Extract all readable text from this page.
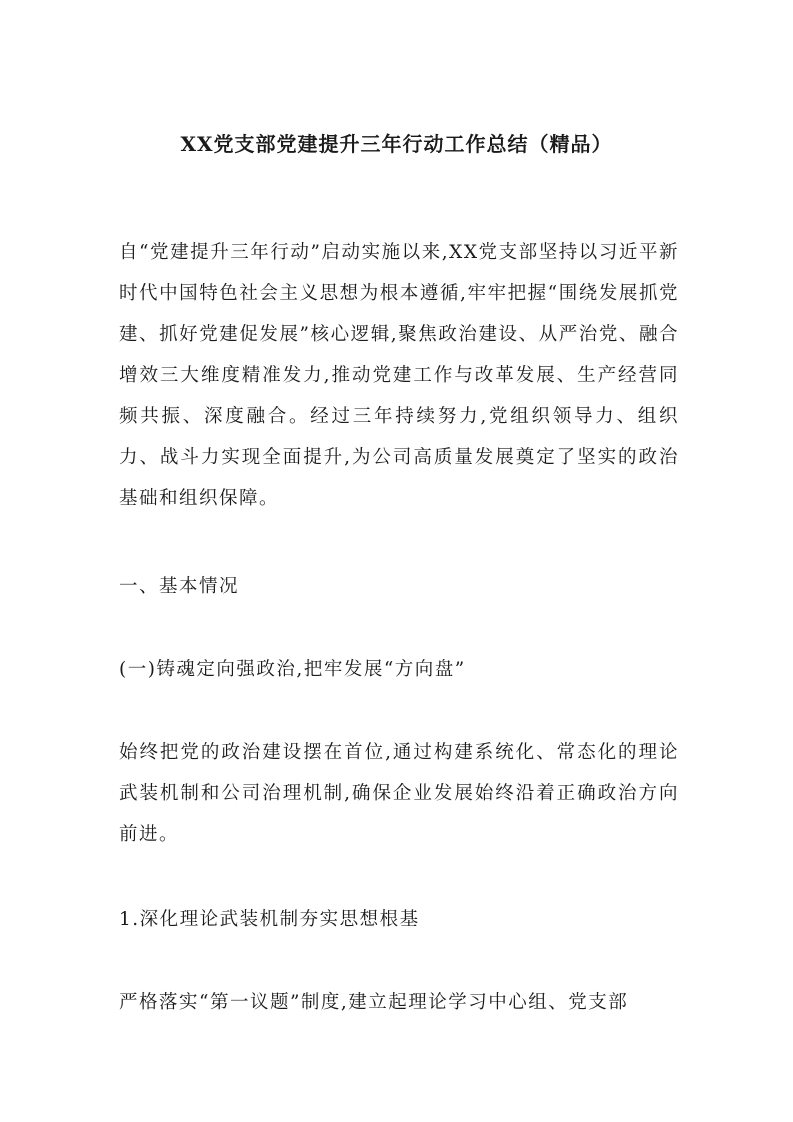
XX党支部党建提升三年行动工作总结（精品）

自“党建提升三年行动”启动实施以来,XX党支部坚持以习近平新时代中国特色社会主义思想为根本遵循,牢牢把握“围绕发展抓党建、抓好党建促发展”核心逻辑,聚焦政治建设、从严治党、融合增效三大维度精准发力,推动党建工作与改革发展、生产经营同频共振、深度融合。经过三年持续努力,党组织领导力、组织力、战斗力实现全面提升,为公司高质量发展奠定了坚实的政治基础和组织保障。

一、基本情况

(一)铸魂定向强政治,把牢发展“方向盘”

始终把党的政治建设摆在首位,通过构建系统化、常态化的理论武装机制和公司治理机制,确保企业发展始终沿着正确政治方向前进。

1.深化理论武装机制夯实思想根基

严格落实“第一议题”制度,建立起理论学习中心组、党支部
